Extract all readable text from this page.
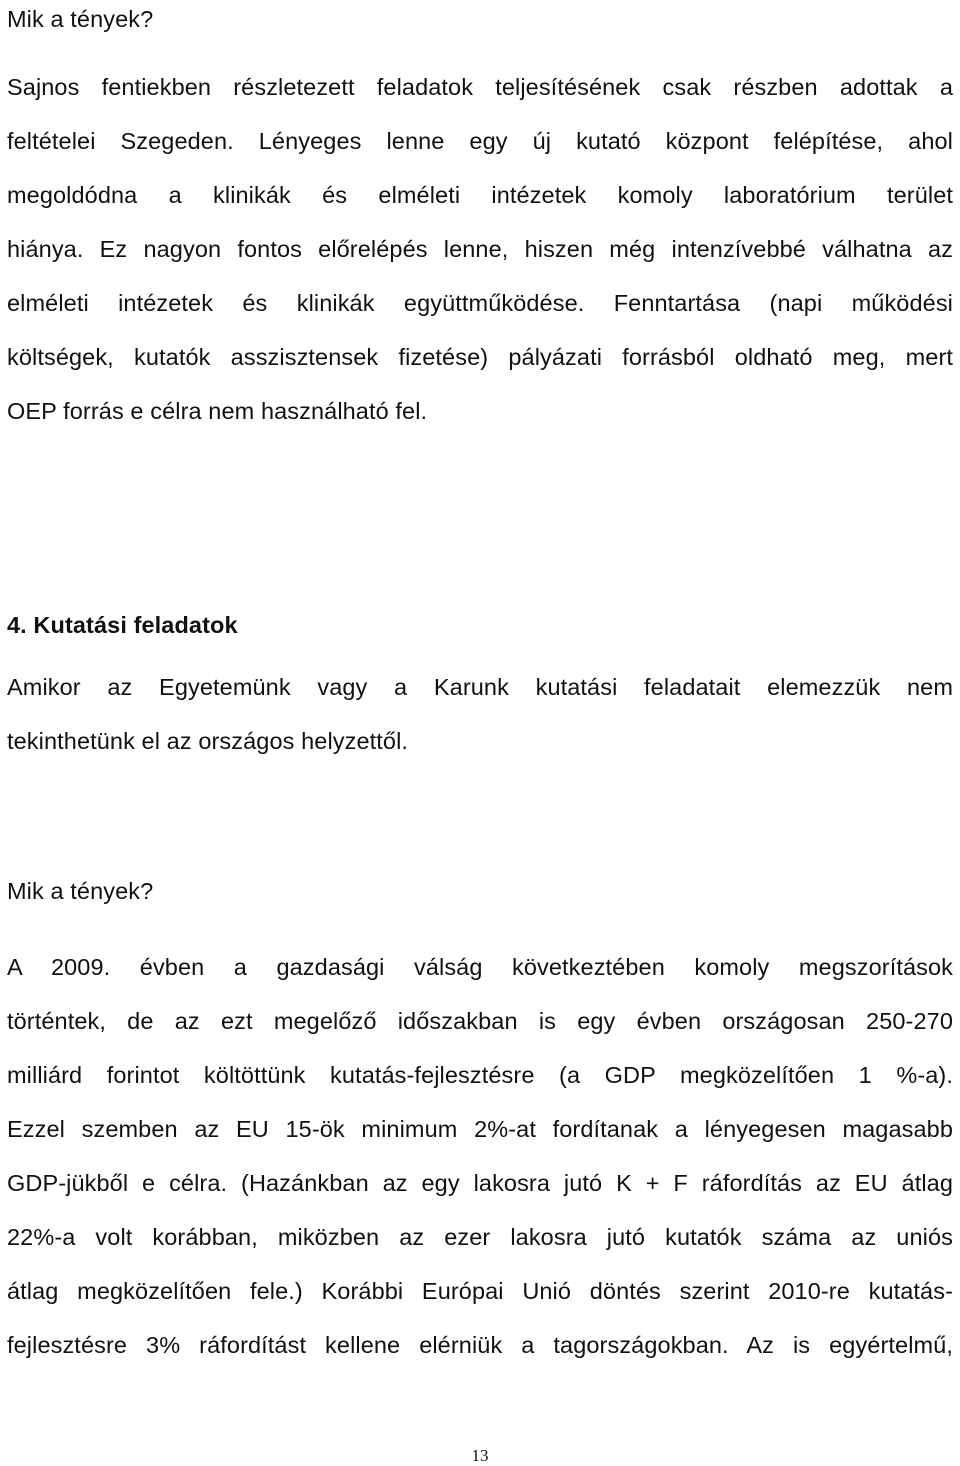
Mik a tények?
Sajnos fentiekben részletezett feladatok teljesítésének csak részben adottak a
feltételei Szegeden. Lényeges lenne egy új kutató központ felépítése, ahol
megoldódna a klinikák és elméleti intézetek komoly laboratórium terület
hiánya. Ez nagyon fontos előrelépés lenne, hiszen még intenzívebbé válhatna az
elméleti intézetek és klinikák együttműködése. Fenntartása (napi működési
költségek, kutatók asszisztensek fizetése) pályázati forrásból oldható meg, mert
OEP forrás e célra nem használható fel.
4. Kutatási feladatok
Amikor az Egyetemünk vagy a Karunk kutatási feladatait elemezzük nem
tekinthetünk el az országos helyzettől.
Mik a tények?
A 2009. évben a gazdasági válság következtében komoly megszorítások
történtek, de az ezt megelőző időszakban is egy évben országosan 250-270
milliárd forintot költöttünk kutatás-fejlesztésre (a GDP megközelítően 1 %-a).
Ezzel szemben az EU 15-ök minimum 2%-at fordítanak a lényegesen magasabb
GDP-jükből e célra. (Hazánkban az egy lakosra jutó K + F ráfordítás az EU átlag
22%-a volt korábban, miközben az ezer lakosra jutó kutatók száma az uniós
átlag megközelítően fele.) Korábbi Európai Unió döntés szerint 2010-re kutatás-
fejlesztésre 3% ráfordítást kellene elérniük a tagországokban. Az is egyértelmű,
13
